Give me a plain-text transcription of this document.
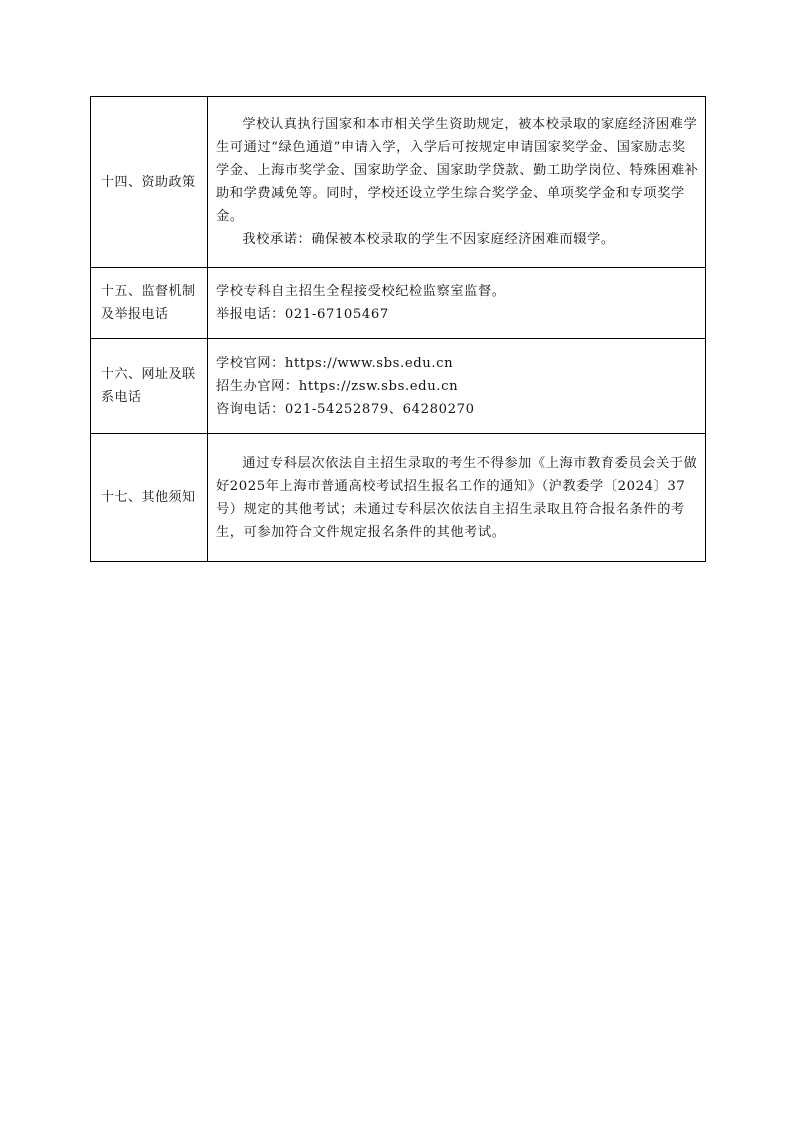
十四、资助政策	学校认真执行国家和本市相关学生资助规定，被本校录取的家庭经济困难学生可通过“绿色通道”申请入学，入学后可按规定申请国家奖学金、国家励志奖学金、上海市奖学金、国家助学金、国家助学贷款、勤工助学岗位、特殊困难补助和学费减免等。同时，学校还设立学生综合奖学金、单项奖学金和专项奖学金。

我校承诺：确保被本校录取的学生不因家庭经济困难而辍学。

十五、监督机制及举报电话	学校专科自主招生全程接受校纪检监察室监督。

举报电话：021-67105467

十六、网址及联系电话	学校官网：https://www.sbs.edu.cn

招生办官网：https://zsw.sbs.edu.cn

咨询电话：021-54252879、64280270

十七、其他须知	通过专科层次依法自主招生录取的考生不得参加《上海市教育委员会关于做好2025年上海市普通高校考试招生报名工作的通知》（沪教委学〔2024〕37号）规定的其他考试；未通过专科层次依法自主招生录取且符合报名条件的考生，可参加符合文件规定报名条件的其他考试。
